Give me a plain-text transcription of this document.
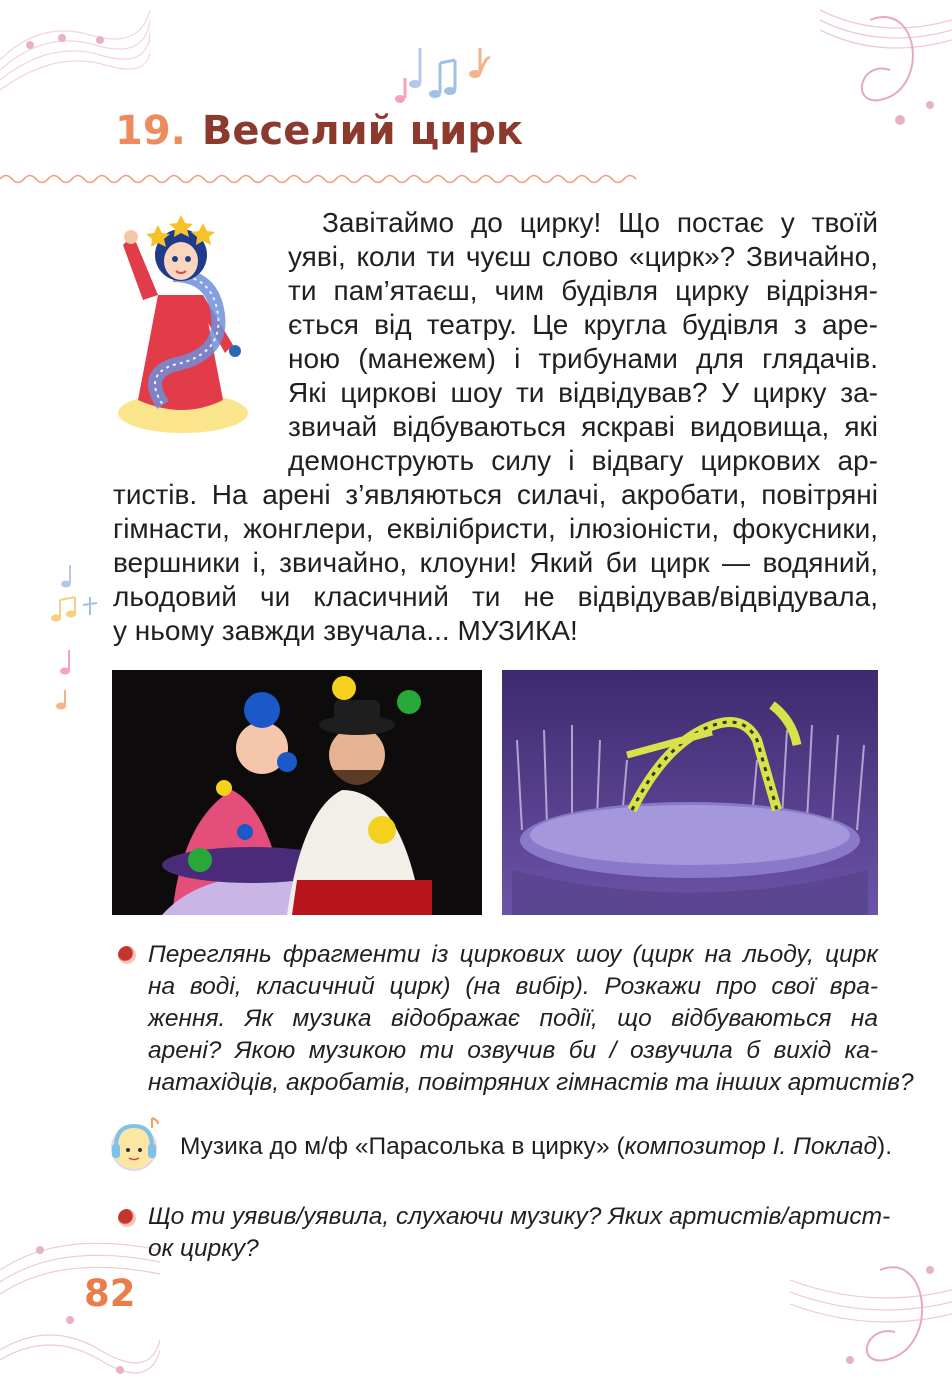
19. Веселий цирк
Завітаймо до цирку! Що постає у твоїй
уяві, коли ти чуєш слово «цирк»? Звичайно,
ти пам’ятаєш, чим будівля цирку відрізня-
ється від театру. Це кругла будівля з аре-
ною (манежем) і трибунами для глядачів.
Які циркові шоу ти відвідував? У цирку за-
звичай відбуваються яскраві видовища, які
демонструють силу і відвагу циркових ар-
тистів. На арені з’являються силачі, акробати, повітряні
гімнасти, жонглери, еквілібристи, ілюзіоністи, фокусники,
вершники і, звичайно, клоуни! Який би цирк — водяний,
льодовий чи класичний ти не відвідував/відвідувала,
у ньому завжди звучала... МУЗИКА!
Переглянь фрагменти із циркових шоу (цирк на льоду, цирк
на воді, класичний цирк) (на вибір). Розкажи про свої вра-
ження. Як музика відображає події, що відбуваються на
арені? Якою музикою ти озвучив би / озвучила б вихід ка-
натахідців, акробатів, повітряних гімнастів та інших артистів?
Музика до м/ф «Парасолька в цирку» (композитор І. Поклад).
Що ти уявив/уявила, слухаючи музику? Яких артистів/артист-
ок цирку?
82
